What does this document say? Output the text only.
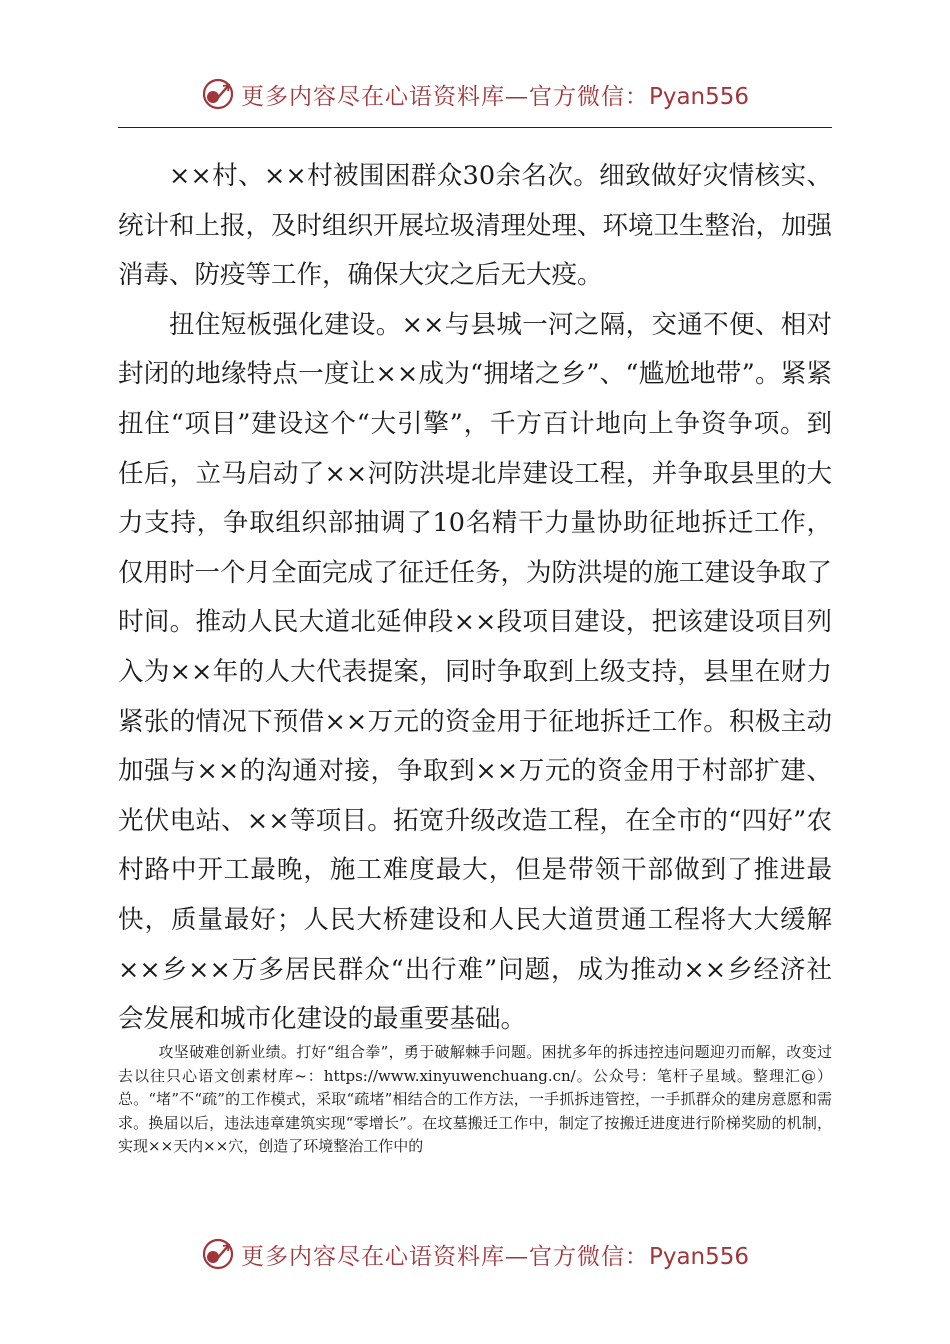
更多内容尽在心语资料库—官方微信：Pyan556

××村、××村被围困群众30余名次。细致做好灾情核实、统计和上报，及时组织开展垃圾清理处理、环境卫生整治，加强消毒、防疫等工作，确保大灾之后无大疫。

扭住短板强化建设。××与县城一河之隔，交通不便、相对封闭的地缘特点一度让××成为“拥堵之乡”、“尴尬地带”。紧紧扭住“项目”建设这个“大引擎”，千方百计地向上争资争项。到任后，立马启动了××河防洪堤北岸建设工程，并争取县里的大力支持，争取组织部抽调了10名精干力量协助征地拆迁工作，仅用时一个月全面完成了征迁任务，为防洪堤的施工建设争取了时间。推动人民大道北延伸段××段项目建设，把该建设项目列入为××年的人大代表提案，同时争取到上级支持，县里在财力紧张的情况下预借××万元的资金用于征地拆迁工作。积极主动加强与××的沟通对接，争取到××万元的资金用于村部扩建、光伏电站、××等项目。拓宽升级改造工程，在全市的“四好”农村路中开工最晚，施工难度最大，但是带领干部做到了推进最快，质量最好；人民大桥建设和人民大道贯通工程将大大缓解××乡××万多居民群众“出行难”问题，成为推动××乡经济社会发展和城市化建设的最重要基础。

攻坚破难创新业绩。打好“组合拳”，勇于破解棘手问题。困扰多年的拆违控违问题迎刃而解，改变过去以往只心语文创素材库~：https://www.xinyuwenchuang.cn/。公众号：笔杆子星域。整理汇@）总。“堵”不“疏”的工作模式，采取“疏堵”相结合的工作方法，一手抓拆违管控，一手抓群众的建房意愿和需求。换届以后，违法违章建筑实现“零增长”。在坟墓搬迁工作中，制定了按搬迁进度进行阶梯奖励的机制，实现××天内××穴，创造了环境整治工作中的

更多内容尽在心语资料库—官方微信：Pyan556
